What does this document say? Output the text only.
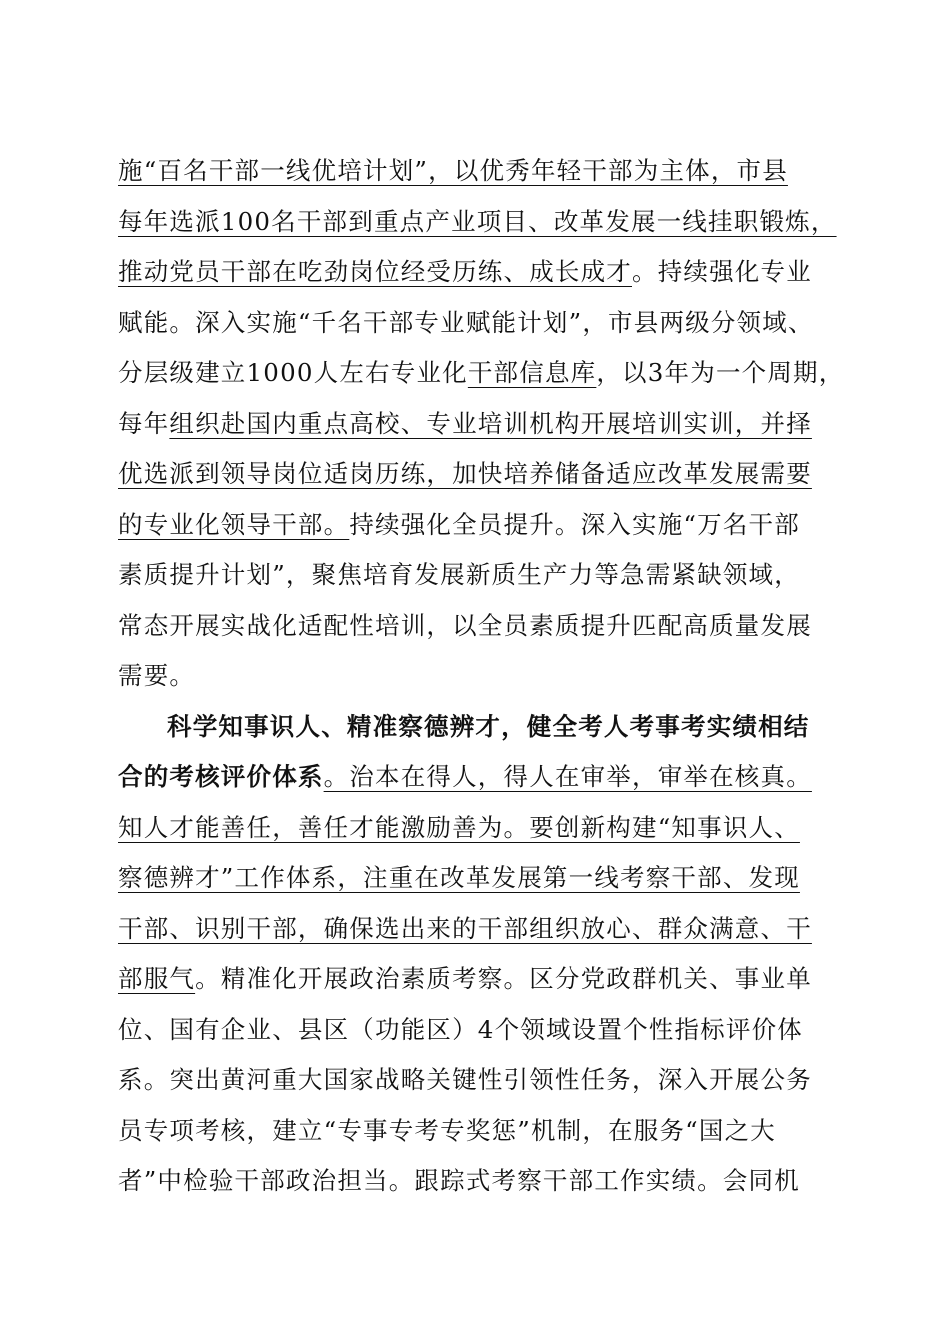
施“百名干部一线优培计划”，以优秀年轻干部为主体，市县
每年选派100名干部到重点产业项目、改革发展一线挂职锻炼，
推动党员干部在吃劲岗位经受历练、成长成才。持续强化专业
赋能。深入实施“千名干部专业赋能计划”，市县两级分领域、
分层级建立1000人左右专业化干部信息库，以3年为一个周期，
每年组织赴国内重点高校、专业培训机构开展培训实训，并择
优选派到领导岗位适岗历练，加快培养储备适应改革发展需要
的专业化领导干部。持续强化全员提升。深入实施“万名干部
素质提升计划”，聚焦培育发展新质生产力等急需紧缺领域，
常态开展实战化适配性培训，以全员素质提升匹配高质量发展
需要。
科学知事识人、精准察德辨才，健全考人考事考实绩相结
合的考核评价体系。治本在得人，得人在审举，审举在核真。
知人才能善任，善任才能激励善为。要创新构建“知事识人、
察德辨才”工作体系，注重在改革发展第一线考察干部、发现
干部、识别干部，确保选出来的干部组织放心、群众满意、干
部服气。精准化开展政治素质考察。区分党政群机关、事业单
位、国有企业、县区（功能区）4个领域设置个性指标评价体
系。突出黄河重大国家战略关键性引领性任务，深入开展公务
员专项考核，建立“专事专考专奖惩”机制，在服务“国之大
者”中检验干部政治担当。跟踪式考察干部工作实绩。会同机
